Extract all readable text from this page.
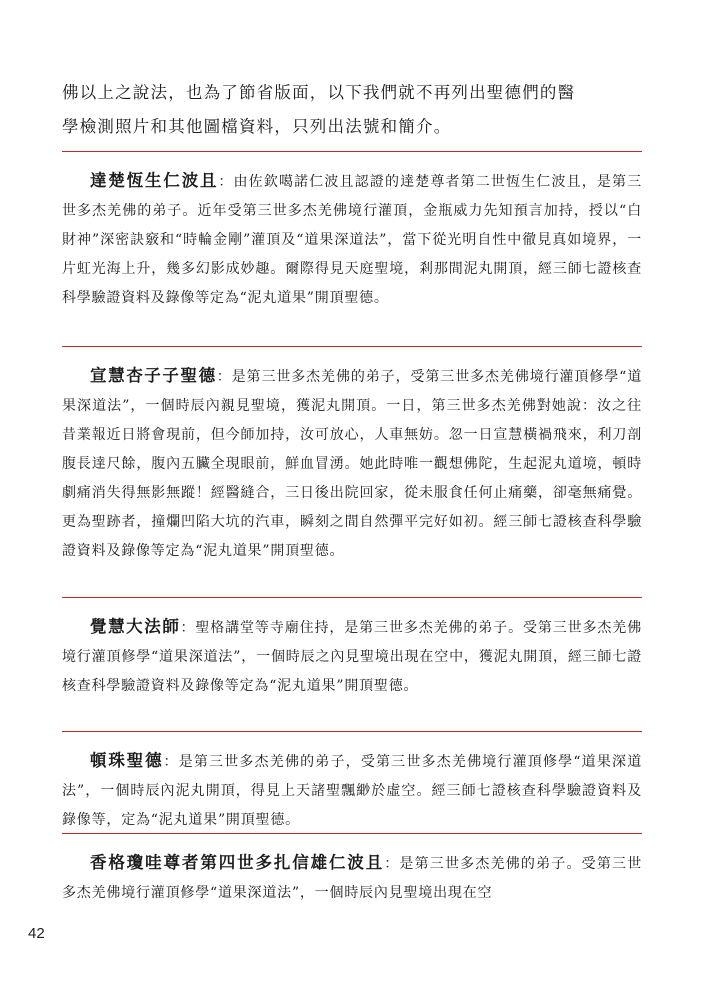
佛以上之說法，也為了節省版面，以下我們就不再列出聖德們的醫

學檢測照片和其他圖檔資料，只列出法號和簡介。

達楚恆生仁波且：由佐欽噶諾仁波且認證的達楚尊者第二世恆生仁波且，是第三世多杰羌佛的弟子。近年受第三世多杰羌佛境行灌頂，金瓶威力先知預言加持，授以“白財神”深密訣竅和“時輪金剛”灌頂及“道果深道法”，當下從光明自性中徹見真如境界，一片虹光海上升，幾多幻影成妙趣。爾際得見天庭聖境，剎那間泥丸開頂，經三師七證核查科學驗證資料及錄像等定為“泥丸道果”開頂聖德。

宣慧杏子子聖德：是第三世多杰羌佛的弟子，受第三世多杰羌佛境行灌頂修學“道果深道法”，一個時辰內親見聖境，獲泥丸開頂。一日，第三世多杰羌佛對她說：汝之往昔業報近日將會現前，但今師加持，汝可放心，人車無妨。忽一日宣慧橫禍飛來，利刀剖腹長達尺餘，腹內五臟全現眼前，鮮血冒湧。她此時唯一觀想佛陀，生起泥丸道境，頓時劇痛消失得無影無蹤！經醫縫合，三日後出院回家，從未服食任何止痛藥，卻毫無痛覺。更為聖跡者，撞爛凹陷大坑的汽車，瞬刻之間自然彈平完好如初。經三師七證核查科學驗證資料及錄像等定為“泥丸道果”開頂聖德。

覺慧大法師：聖格講堂等寺廟住持，是第三世多杰羌佛的弟子。受第三世多杰羌佛境行灌頂修學“道果深道法”，一個時辰之內見聖境出現在空中，獲泥丸開頂，經三師七證核查科學驗證資料及錄像等定為“泥丸道果”開頂聖德。

頓珠聖德：是第三世多杰羌佛的弟子，受第三世多杰羌佛境行灌頂修學“道果深道法”，一個時辰內泥丸開頂，得見上天諸聖飄緲於虛空。經三師七證核查科學驗證資料及錄像等，定為“泥丸道果”開頂聖德。

香格瓊哇尊者第四世多扎信雄仁波且：是第三世多杰羌佛的弟子。受第三世多杰羌佛境行灌頂修學“道果深道法”，一個時辰內見聖境出現在空

42
